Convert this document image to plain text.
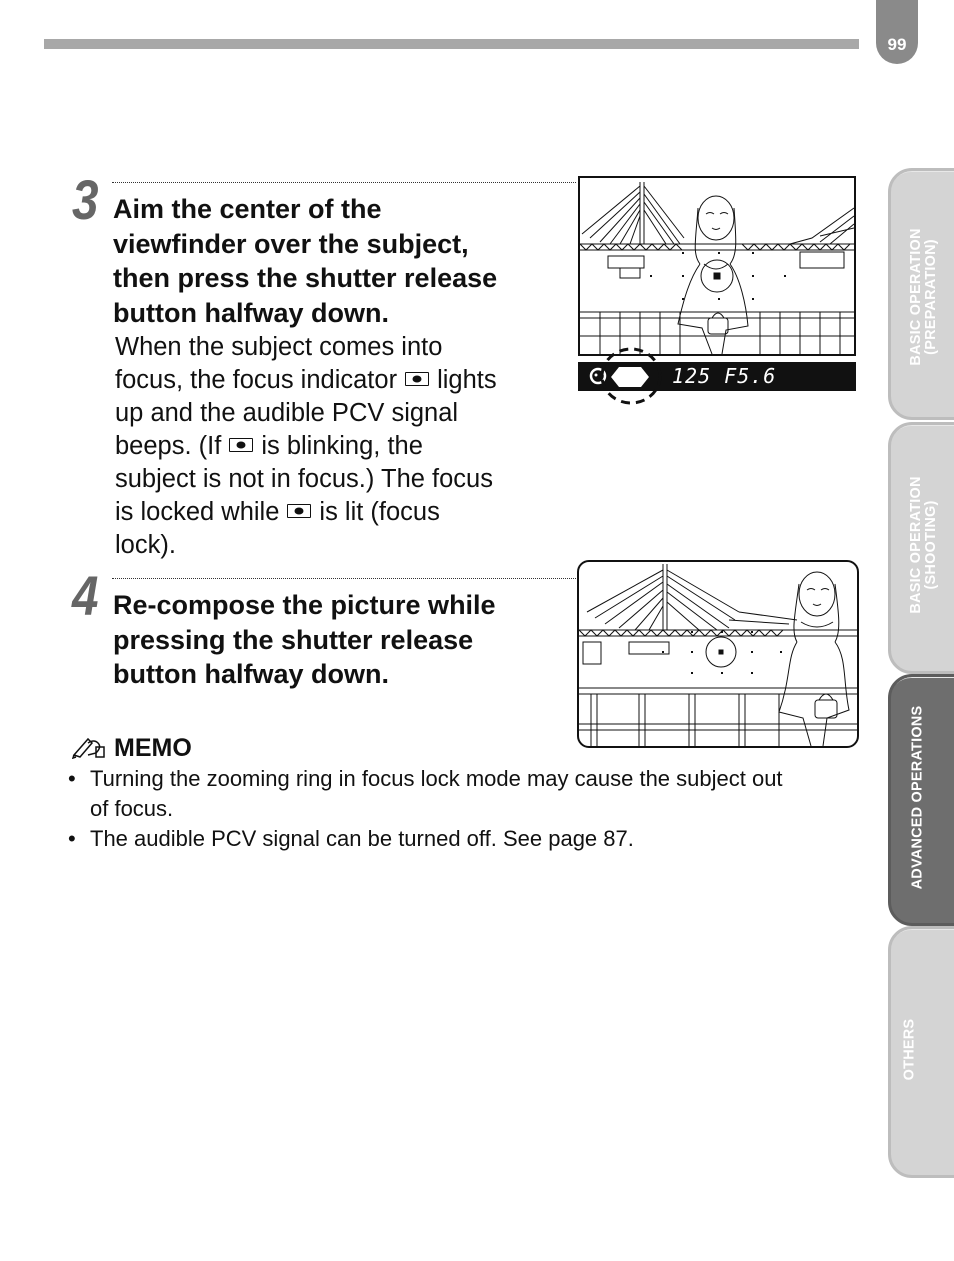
99
BASIC OPERATION (PREPARATION)
BASIC OPERATION (SHOOTING)
ADVANCED OPERATIONS
OTHERS
3 Aim the center of the
viewfinder over the subject,
then press the shutter release
button halfway down.
When the subject comes into
focus, the focus indicator lights
up and the audible PCV signal
beeps. (If is blinking, the
subject is not in focus.) The focus
is locked while is lit (focus
lock).
125 F5.6
4 Re-compose the picture while
pressing the shutter release
button halfway down.
MEMO
• Turning the zooming ring in focus lock mode may cause the subject out
of focus.
• The audible PCV signal can be turned off. See page 87.
